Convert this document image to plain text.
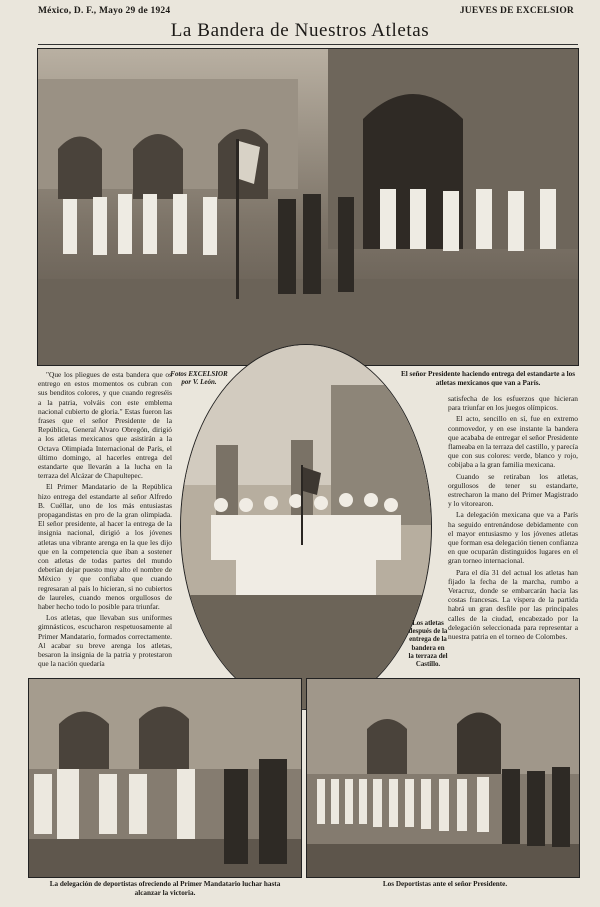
México, D. F., Mayo 29 de 1924	JUEVES DE EXCELSIOR
La Bandera de Nuestros Atletas

"Que los pliegues de esta bandera que os entrego en estos momentos os cubran con sus benditos colores, y que cuando regreséis a la patria, volváis con este emblema nacional cubierto de gloria." Estas fueron las frases que el señor Presidente de la República, General Alvaro Obregón, dirigió a los atletas mexicanos que asistirán a la Octava Olimpiada Internacional de París, el último domingo, al hacerles entrega del estandarte que llevarán a la lucha en la terraza del Alcázar de Chapultepec.

El Primer Mandatario de la República hizo entrega del estandarte al señor Alfredo B. Cuéllar, uno de los más entusiastas propagandistas en pro de la gran olimpiada. El señor presidente, al hacer la entrega de la insignia nacional, dirigió a los jóvenes atletas una vibrante arenga en la que les dijo que en la competencia que iban a sostener con atletas de todas partes del mundo deberían dejar puesto muy alto el nombre de México y que confiaba que cuando regresaran al país lo hicieran, si no cubiertos de laureles, cuando menos orgullosos de haber hecho todo lo posible para triunfar.

Los atletas, que llevaban sus uniformes gimnásticos, escucharon respetuosamente al Primer Mandatario, formados correctamente. Al acabar su breve arenga los atletas, besaron la insignia de la patria y protestaron que la nación quedaría

Fotos EXCELSIOR
por V. León.
El señor Presidente haciendo entrega del estandarte a los atletas mexicanos que van a París.

satisfecha de los esfuerzos que hicieran para triunfar en los juegos olímpicos.

El acto, sencillo en sí, fue en extremo conmovedor, y en ese instante la bandera que acababa de entregar el señor Presidente flameaba en la terraza del castillo, y parecía que con sus colores: verde, blanco y rojo, cobijaba a la gran familia mexicana.

Cuando se retiraban los atletas, orgullosos de tener su estandarte, estrecharon la mano del Primer Magistrado y lo vitorearon.

La delegación mexicana que va a París ha seguido entrenándose debidamente con el mayor entusiasmo y los jóvenes atletas que forman esa delegación tienen confianza en que ocuparán distinguidos lugares en el gran torneo internacional.

Para el día 31 del actual los atletas han fijado la fecha de la marcha, rumbo a Veracruz, donde se embarcarán hacia las costas francesas. La víspera de la partida habrá un gran desfile por las principales calles de la ciudad, encabezado por la delegación seleccionada para representar a nuestra patria en el torneo de Colombes.

Los atletas después de la entrega de la bandera en la terraza del Castillo.
La delegación de deportistas ofreciendo al Primer Mandatario luchar hasta alcanzar la victoria.
Los Deportistas ante el señor Presidente.
